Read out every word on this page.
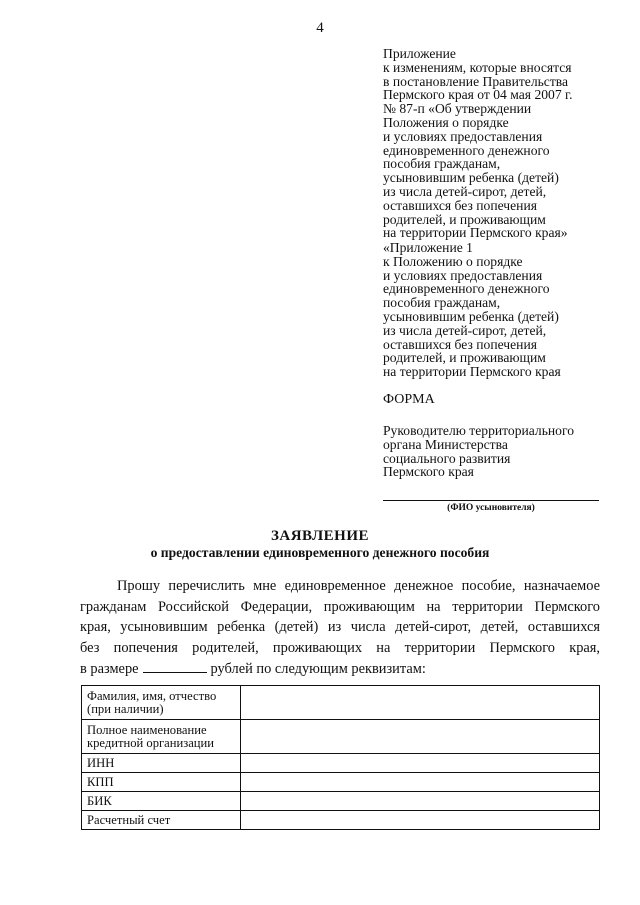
4
Приложение
к изменениям, которые вносятся
в постановление Правительства
Пермского края от 04 мая 2007 г.
№ 87-п «Об утверждении
Положения о порядке
и условиях предоставления
единовременного денежного
пособия гражданам,
усыновившим ребенка (детей)
из числа детей-сирот, детей,
оставшихся без попечения
родителей, и проживающим
на территории Пермского края»
«Приложение 1
к Положению о порядке
и условиях предоставления
единовременного денежного
пособия гражданам,
усыновившим ребенка (детей)
из числа детей-сирот, детей,
оставшихся без попечения
родителей, и проживающим
на территории Пермского края
ФОРМА
Руководителю территориального
органа Министерства
социального развития
Пермского края
(ФИО усыновителя)
ЗАЯВЛЕНИЕ
о предоставлении единовременного денежного пособия
Прошу перечислить мне единовременное денежное пособие, назначаемое
гражданам Российской Федерации, проживающим на территории Пермского
края, усыновившим ребенка (детей) из числа детей-сирот, детей, оставшихся
без попечения родителей, проживающих на территории Пермского края,
в размере	рублей по следующим реквизитам:
Фамилия, имя, отчество (при наличии)	
Полное наименование кредитной организации	
ИНН	
КПП	
БИК	
Расчетный счет	
